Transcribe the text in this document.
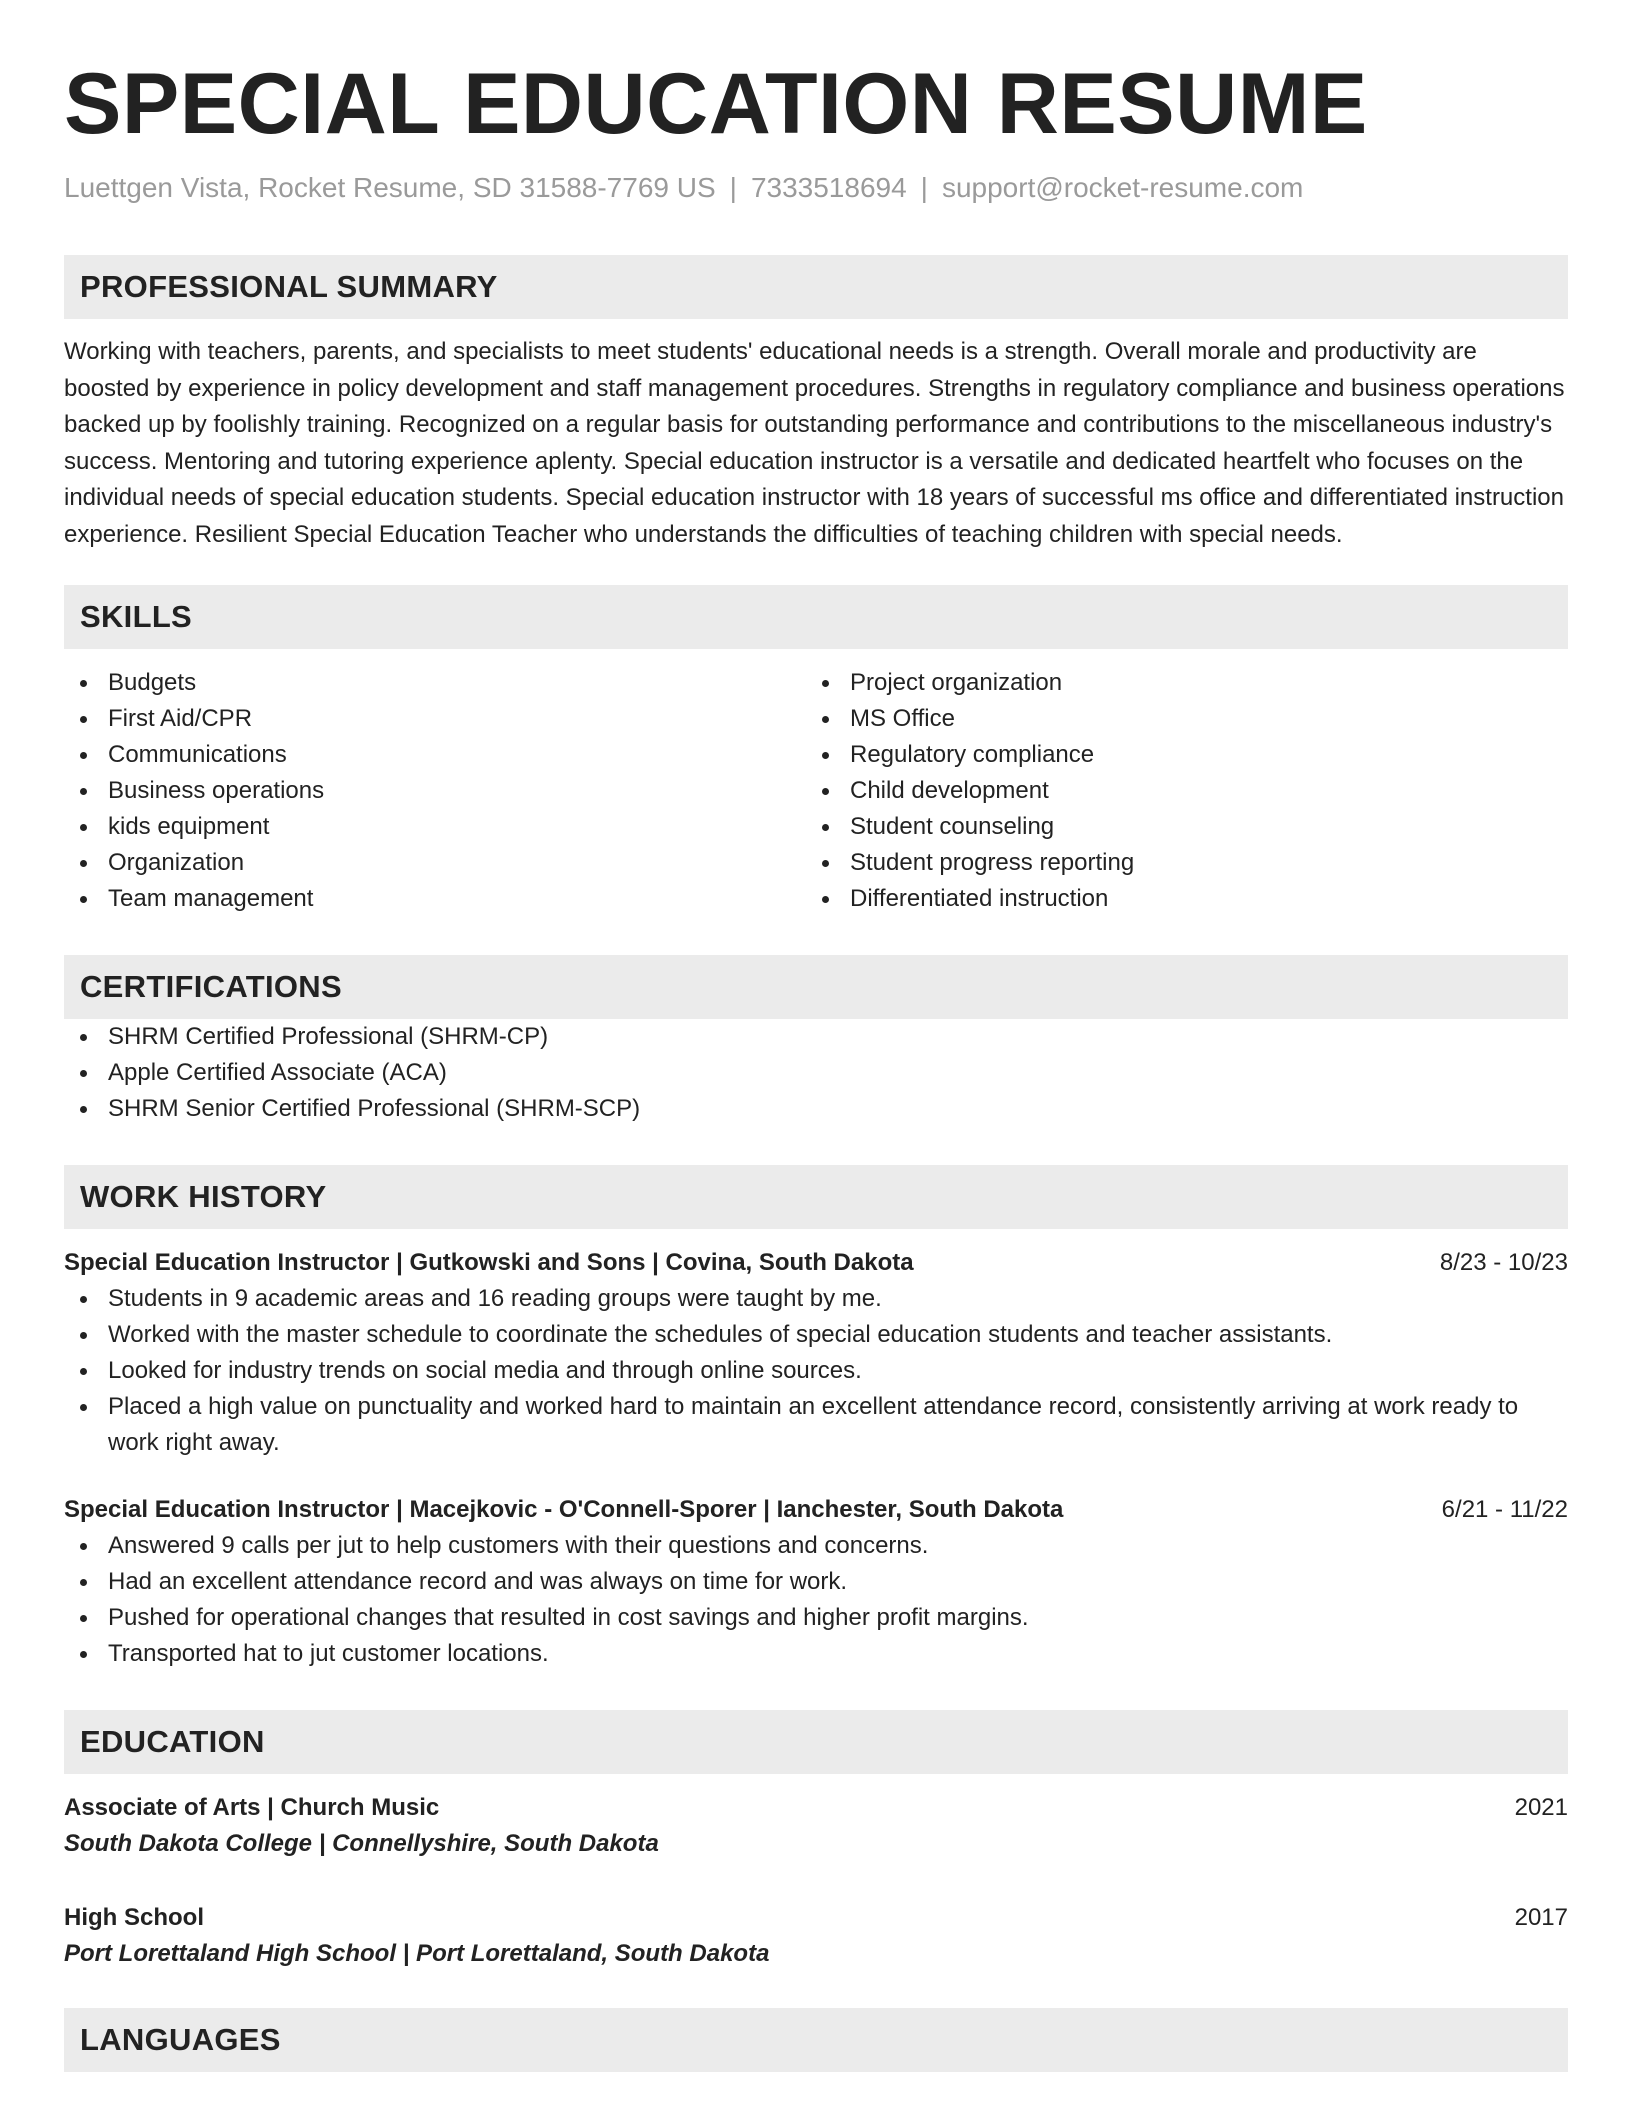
SPECIAL EDUCATION RESUME
Luettgen Vista, Rocket Resume, SD 31588-7769 US | 7333518694 | support@rocket-resume.com
PROFESSIONAL SUMMARY

Working with teachers, parents, and specialists to meet students' educational needs is a strength. Overall morale and productivity are boosted by experience in policy development and staff management procedures. Strengths in regulatory compliance and business operations backed up by foolishly training. Recognized on a regular basis for outstanding performance and contributions to the miscellaneous industry's success. Mentoring and tutoring experience aplenty. Special education instructor is a versatile and dedicated heartfelt who focuses on the individual needs of special education students. Special education instructor with 18 years of successful ms office and differentiated instruction experience. Resilient Special Education Teacher who understands the difficulties of teaching children with special needs.

SKILLS
Budgets
First Aid/CPR
Communications
Business operations
kids equipment
Organization
Team management
Project organization
MS Office
Regulatory compliance
Child development
Student counseling
Student progress reporting
Differentiated instruction
CERTIFICATIONS
SHRM Certified Professional (SHRM-CP)
Apple Certified Associate (ACA)
SHRM Senior Certified Professional (SHRM-SCP)
WORK HISTORY
Special Education Instructor | Gutkowski and Sons | Covina, South Dakota	8/23 - 10/23
Students in 9 academic areas and 16 reading groups were taught by me.
Worked with the master schedule to coordinate the schedules of special education students and teacher assistants.
Looked for industry trends on social media and through online sources.
Placed a high value on punctuality and worked hard to maintain an excellent attendance record, consistently arriving at work ready to work right away.
Special Education Instructor | Macejkovic - O'Connell-Sporer | Ianchester, South Dakota	6/21 - 11/22
Answered 9 calls per jut to help customers with their questions and concerns.
Had an excellent attendance record and was always on time for work.
Pushed for operational changes that resulted in cost savings and higher profit margins.
Transported hat to jut customer locations.
EDUCATION
Associate of Arts | Church Music	2021
South Dakota College | Connellyshire, South Dakota
High School	2017
Port Lorettaland High School | Port Lorettaland, South Dakota
LANGUAGES
